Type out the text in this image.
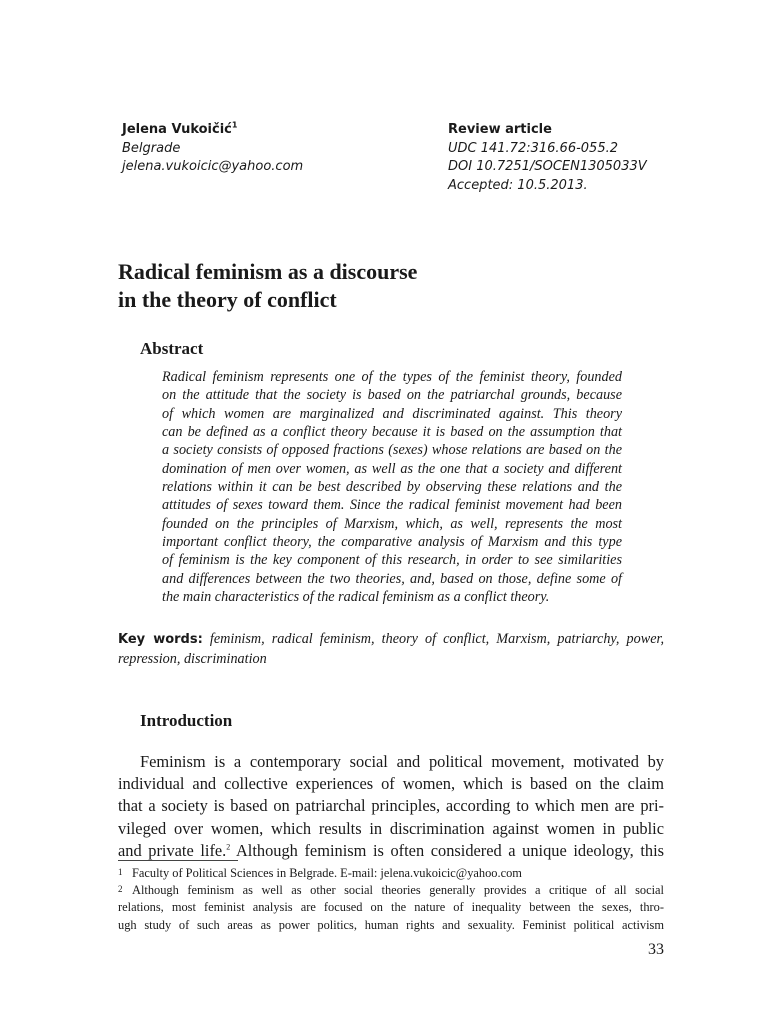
Jelena Vukoičić$^1$
Belgrade
jelena.vukoicic@yahoo.com
Review article
UDC 141.72:316.66-055.2
DOI 10.7251/SOCEN1305033V
Accepted: 10.5.2013.
Radical feminism as a discourse
in the theory of conflict
Abstract
Radical feminism represents one of the types of the feminist theory, founded
on the attitude that the society is based on the patriarchal grounds, because
of which women are marginalized and discriminated against. This theory
can be defined as a conflict theory because it is based on the assumption that
a society consists of opposed fractions (sexes) whose relations are based on the
domination of men over women, as well as the one that a society and different
relations within it can be best described by observing these relations and the
attitudes of sexes toward them. Since the radical feminist movement had been
founded on the principles of Marxism, which, as well, represents the most
important conflict theory, the comparative analysis of Marxism and this type
of feminism is the key component of this research, in order to see similarities
and differences between the two theories, and, based on those, define some of
the main characteristics of the radical feminism as a conflict theory.
Key words: feminism, radical feminism, theory of conflict, Marxism, patriarchy, power,
repression, discrimination
Introduction
Feminism is a contemporary social and political movement, motivated by
individual and collective experiences of women, which is based on the claim
that a society is based on patriarchal principles, according to which men are pri-
vileged over women, which results in discrimination against women in public
and private life.$^2$ Although feminism is often considered a unique ideology, this
1 Faculty of Political Sciences in Belgrade. E-mail: jelena.vukoicic@yahoo.com
2 Although feminism as well as other social theories generally provides a critique of all social
relations, most feminist analysis are focused on the nature of inequality between the sexes, thro-
ugh study of such areas as power politics, human rights and sexuality. Feminist political activism
33
